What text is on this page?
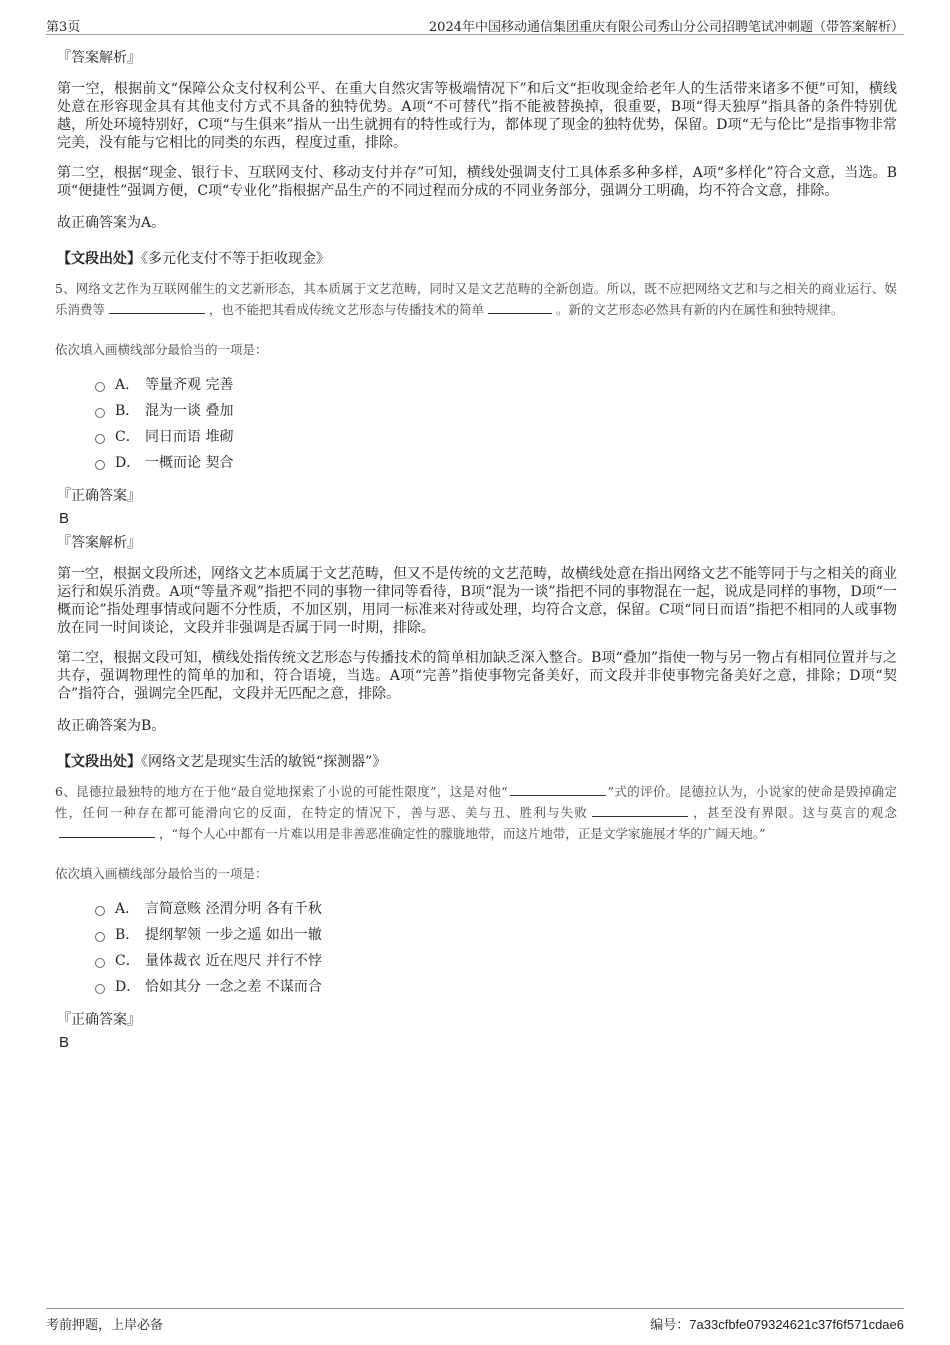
第3页	2024年中国移动通信集团重庆有限公司秀山分公司招聘笔试冲刺题（带答案解析）
『答案解析』

第一空，根据前文“保障公众支付权利公平、在重大自然灾害等极端情况下”和后文“拒收现金给老年人的生活带来诸多不便”可知，横线处意在形容现金具有其他支付方式不具备的独特优势。A项“不可替代”指不能被替换掉，很重要，B项“得天独厚”指具备的条件特别优越，所处环境特别好，C项“与生俱来”指从一出生就拥有的特性或行为，都体现了现金的独特优势，保留。D项“无与伦比”是指事物非常完美，没有能与它相比的同类的东西，程度过重，排除。

第二空，根据“现金、银行卡、互联网支付、移动支付并存”可知，横线处强调支付工具体系多种多样，A项“多样化”符合文意，当选。B项“便捷性”强调方便，C项“专业化”指根据产品生产的不同过程而分成的不同业务部分，强调分工明确，均不符合文意，排除。

故正确答案为A。
【文段出处】《多元化支付不等于拒收现金》

5、网络文艺作为互联网催生的文艺新形态，其本质属于文艺范畴，同时又是文艺范畴的全新创造。所以，既不应把网络文艺和与之相关的商业运行、娱乐消费等	，也不能把其看成传统文艺形态与传播技术的简单	。新的文艺形态必然具有新的内在属性和独特规律。

依次填入画横线部分最恰当的一项是：
A． 等量齐观 完善
B． 混为一谈 叠加
C． 同日而语 堆砌
D． 一概而论 契合
『正确答案』
B
『答案解析』

第一空，根据文段所述，网络文艺本质属于文艺范畴，但又不是传统的文艺范畴，故横线处意在指出网络文艺不能等同于与之相关的商业运行和娱乐消费。A项“等量齐观”指把不同的事物一律同等看待，B项“混为一谈”指把不同的事物混在一起，说成是同样的事物，D项“一概而论”指处理事情或问题不分性质，不加区别，用同一标准来对待或处理，均符合文意，保留。C项“同日而语”指把不相同的人或事物放在同一时间谈论，文段并非强调是否属于同一时期，排除。

第二空，根据文段可知，横线处指传统文艺形态与传播技术的简单相加缺乏深入整合。B项“叠加”指使一物与另一物占有相同位置并与之共存，强调物理性的简单的加和，符合语境，当选。A项“完善”指使事物完备美好，而文段并非使事物完备美好之意，排除；D项“契合”指符合，强调完全匹配，文段并无匹配之意，排除。

故正确答案为B。
【文段出处】《网络文艺是现实生活的敏锐“探测器”》

6、昆德拉最独特的地方在于他“最自觉地探索了小说的可能性限度”，这是对他“	”式的评价。昆德拉认为，小说家的使命是毁掉确定性，任何一种存在都可能滑向它的反面，在特定的情况下，善与恶、美与丑、胜利与失败	，甚至没有界限。这与莫言的观念，“每个人心中都有一片难以用是非善恶准确定性的朦胧地带，而这片地带，正是文学家施展才华的广阔天地。”

依次填入画横线部分最恰当的一项是：
A． 言简意赅 泾渭分明 各有千秋
B． 提纲挈领 一步之遥 如出一辙
C． 量体裁衣 近在咫尺 并行不悖
D． 恰如其分 一念之差 不谋而合
『正确答案』
B
考前押题，上岸必备	编号：7a33cfbfe079324621c37f6f571cdae6
